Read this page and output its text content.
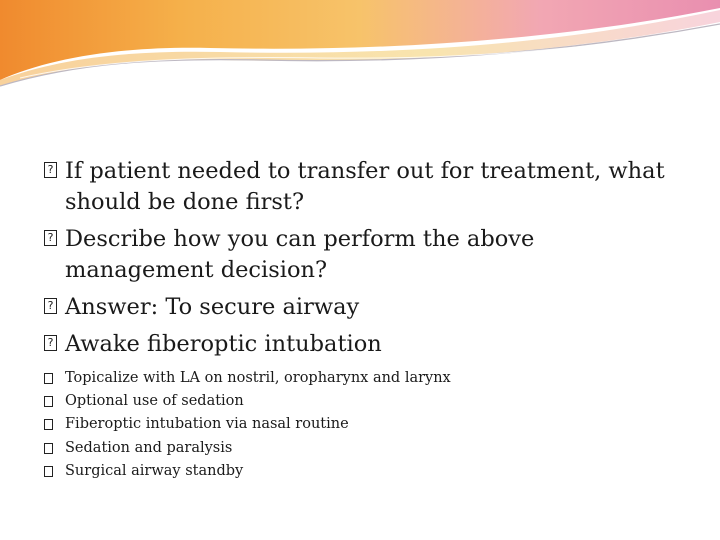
? If patient needed to transfer out for treatment, what should be done first?
? Describe how you can perform the above management decision?
? Answer: To secure airway
? Awake fiberoptic intubation
Topicalize with LA on nostril, oropharynx and larynx
Optional use of sedation
Fiberoptic intubation via nasal routine
Sedation and paralysis
Surgical airway standby
